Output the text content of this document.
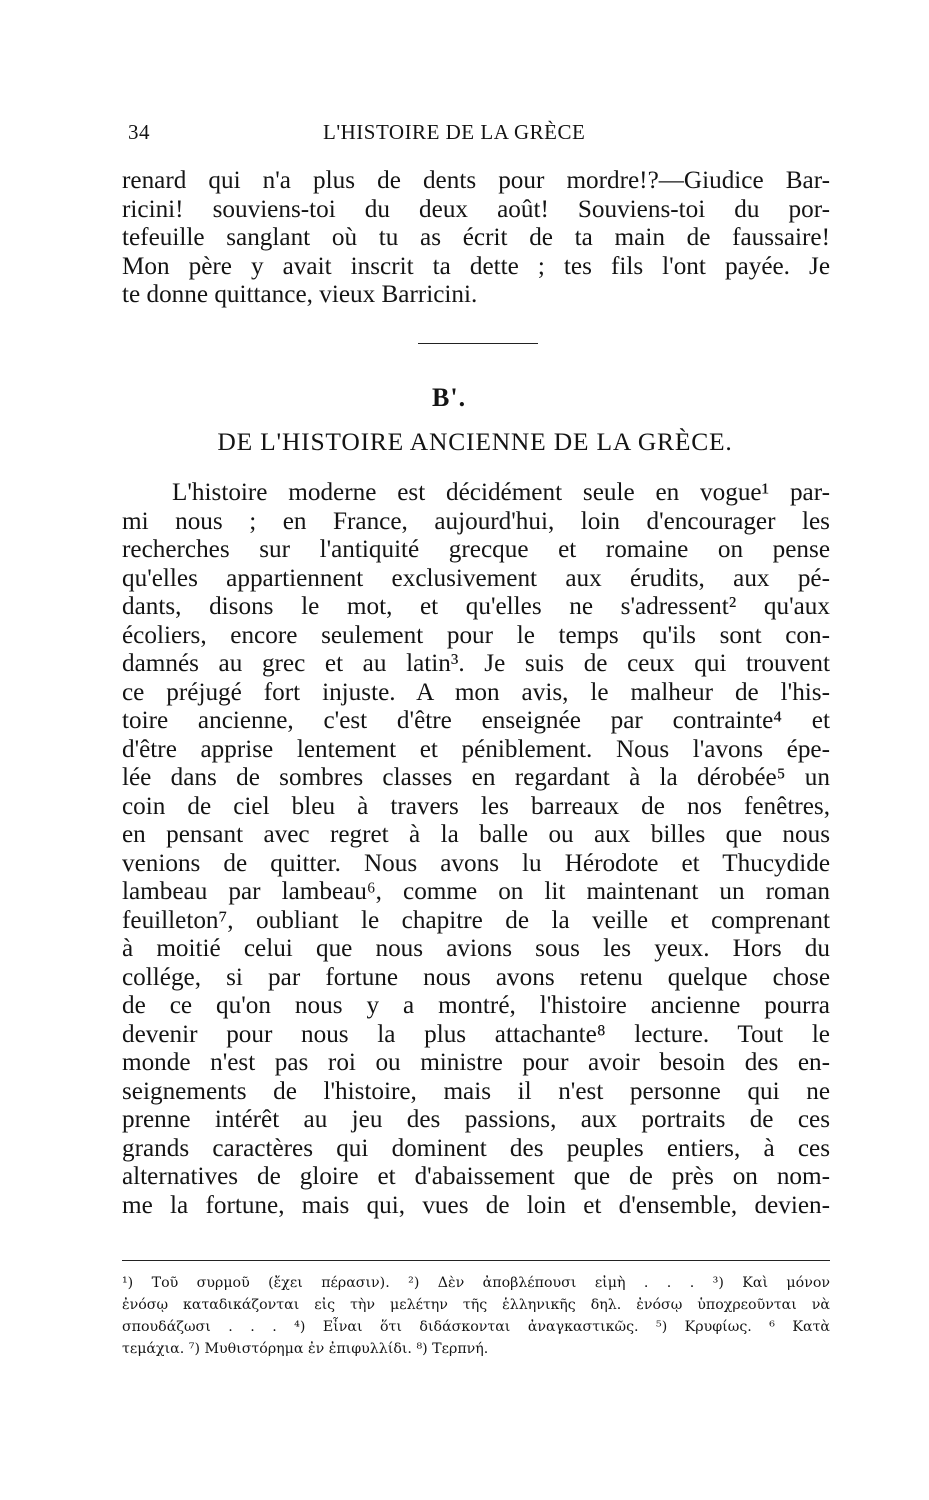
34	L'HISTOIRE DE LA GRÈCE
renard qui n'a plus de dents pour mordre!?—Giudice Bar-
ricini! souviens-toi du deux août! Souviens-toi du por-
tefeuille sanglant où tu as écrit de ta main de faussaire!
Mon père y avait inscrit ta dette ; tes fils l'ont payée. Je
te donne quittance, vieux Barricini.
B'.
DE L'HISTOIRE ANCIENNE DE LA GRÈCE.
L'histoire moderne est décidément seule en vogue¹ par-
mi nous ; en France, aujourd'hui, loin d'encourager les
recherches sur l'antiquité grecque et romaine on pense
qu'elles appartiennent exclusivement aux érudits, aux pé-
dants, disons le mot, et qu'elles ne s'adressent² qu'aux
écoliers, encore seulement pour le temps qu'ils sont con-
damnés au grec et au latin³. Je suis de ceux qui trouvent
ce préjugé fort injuste. A mon avis, le malheur de l'his-
toire ancienne, c'est d'être enseignée par contrainte⁴ et
d'être apprise lentement et péniblement. Nous l'avons épe-
lée dans de sombres classes en regardant à la dérobée⁵ un
coin de ciel bleu à travers les barreaux de nos fenêtres,
en pensant avec regret à la balle ou aux billes que nous
venions de quitter. Nous avons lu Hérodote et Thucydide
lambeau par lambeau⁶, comme on lit maintenant un roman
feuilleton⁷, oubliant le chapitre de la veille et comprenant
à moitié celui que nous avions sous les yeux. Hors du
collége, si par fortune nous avons retenu quelque chose
de ce qu'on nous y a montré, l'histoire ancienne pourra
devenir pour nous la plus attachante⁸ lecture. Tout le
monde n'est pas roi ou ministre pour avoir besoin des en-
seignements de l'histoire, mais il n'est personne qui ne
prenne intérêt au jeu des passions, aux portraits de ces
grands caractères qui dominent des peuples entiers, à ces
alternatives de gloire et d'abaissement que de près on nom-
me la fortune, mais qui, vues de loin et d'ensemble, devien-
¹) Τοῦ συρμοῦ (ἔχει πέρασιν). ²) Δὲν ἀποβλέπουσι εἰμὴ . . . ³) Καὶ μόνον
ἐνόσῳ καταδικάζονται εἰς τὴν μελέτην τῆς ἑλληνικῆς δηλ. ἐνόσῳ ὑποχρεοῦνται νὰ
σπουδάζωσι . . . ⁴) Εἶναι ὅτι διδάσκονται ἀναγκαστικῶς. ⁵) Κρυφίως. ⁶ Κατὰ
τεμάχια. ⁷) Μυθιστόρημα ἐν ἐπιφυλλίδι. ⁸) Τερπνή.
